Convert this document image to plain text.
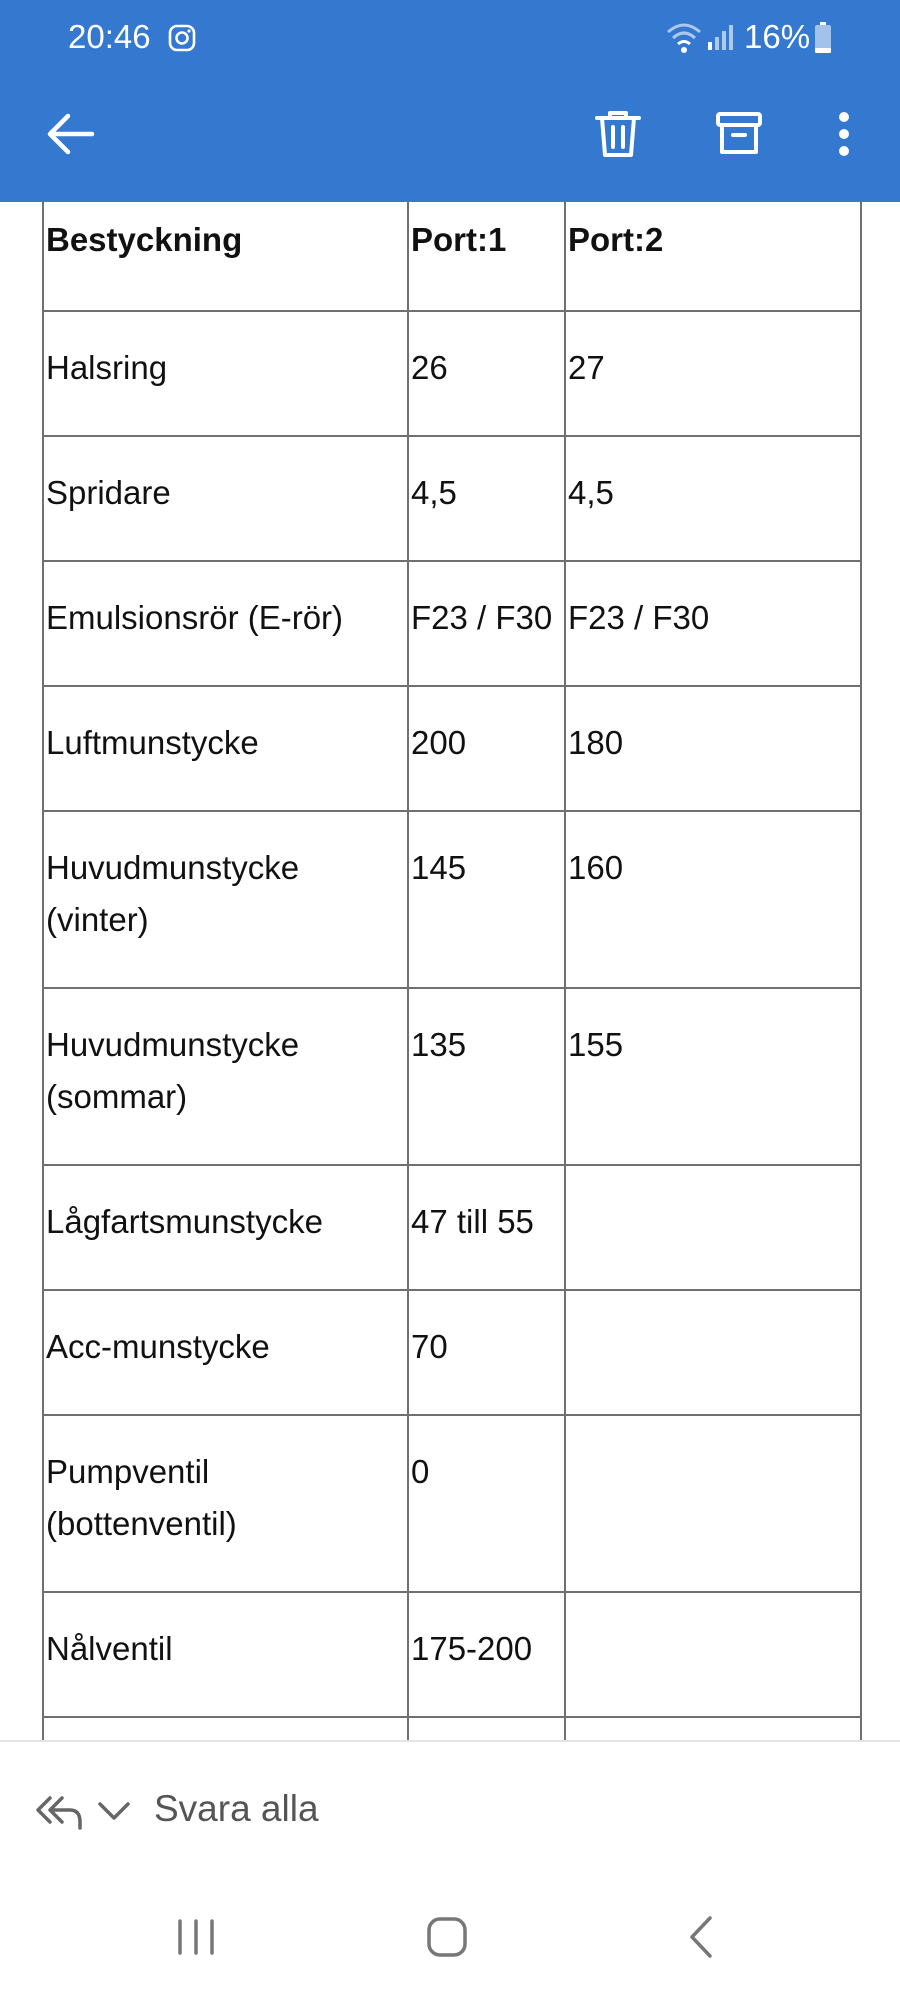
20:46	16%
Bestyckning	Port:1	Port:2
Halsring	26	27
Spridare	4,5	4,5
Emulsionsrör (E-rör)	F23 / F30	F23 / F30
Luftmunstycke	200	180
Huvudmunstycke (vinter)	145	160
Huvudmunstycke (sommar)	135	155
Lågfartsmunstycke	47 till 55	
Acc-munstycke	70	
Pumpventil (bottenventil)	0	
Nålventil	175-200	

Svara alla
